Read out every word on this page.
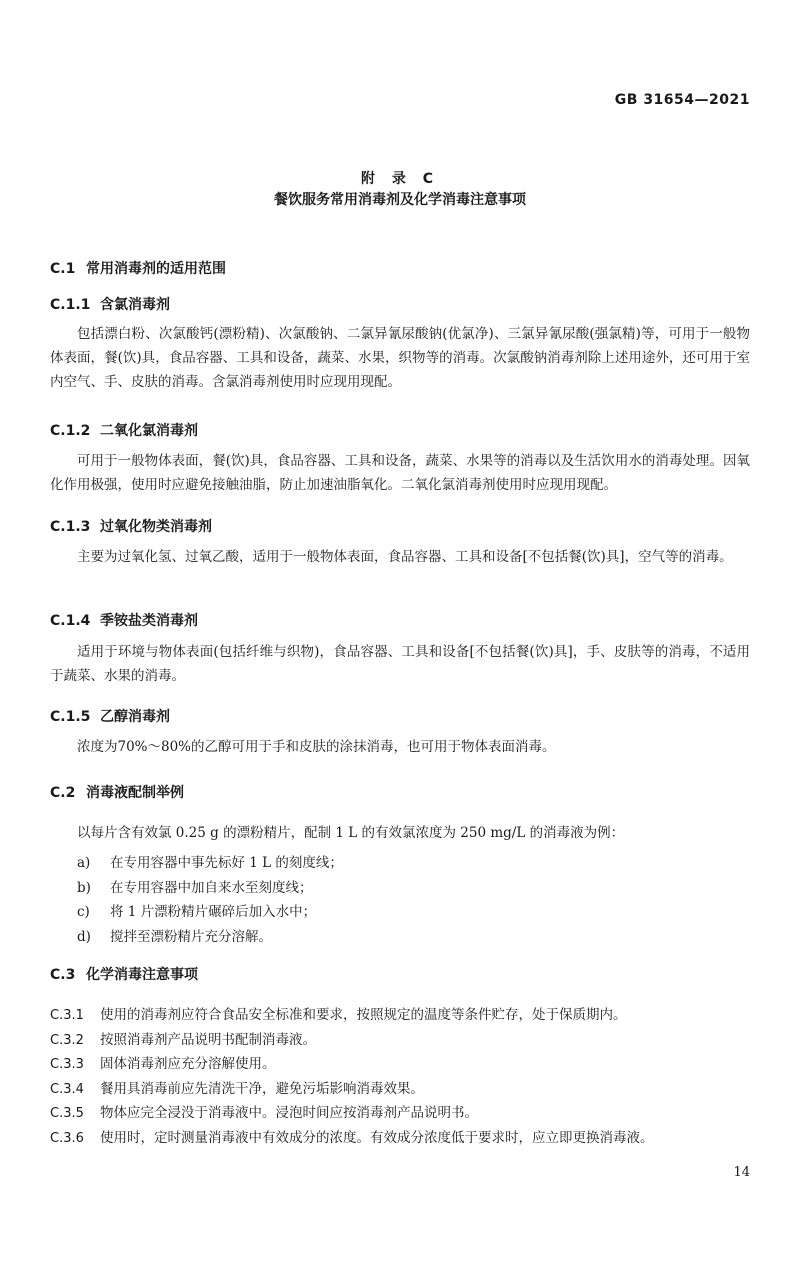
GB 31654—2021
附 录 C
餐饮服务常用消毒剂及化学消毒注意事项
C.1 常用消毒剂的适用范围
C.1.1 含氯消毒剂

包括漂白粉、次氯酸钙(漂粉精)、次氯酸钠、二氯异氰尿酸钠(优氯净)、三氯异氰尿酸(强氯精)等，可用于一般物体表面，餐(饮)具，食品容器、工具和设备，蔬菜、水果，织物等的消毒。次氯酸钠消毒剂除上述用途外，还可用于室内空气、手、皮肤的消毒。含氯消毒剂使用时应现用现配。

C.1.2 二氧化氯消毒剂

可用于一般物体表面，餐(饮)具，食品容器、工具和设备，蔬菜、水果等的消毒以及生活饮用水的消毒处理。因氧化作用极强，使用时应避免接触油脂，防止加速油脂氧化。二氧化氯消毒剂使用时应现用现配。

C.1.3 过氧化物类消毒剂

主要为过氧化氢、过氧乙酸，适用于一般物体表面，食品容器、工具和设备[不包括餐(饮)具]，空气等的消毒。

C.1.4 季铵盐类消毒剂

适用于环境与物体表面(包括纤维与织物)，食品容器、工具和设备[不包括餐(饮)具]，手、皮肤等的消毒，不适用于蔬菜、水果的消毒。

C.1.5 乙醇消毒剂

浓度为70%～80%的乙醇可用于手和皮肤的涂抹消毒，也可用于物体表面消毒。

C.2 消毒液配制举例

以每片含有效氯 0.25 g 的漂粉精片，配制 1 L 的有效氯浓度为 250 mg/L 的消毒液为例：

a) 在专用容器中事先标好 1 L 的刻度线；
b) 在专用容器中加自来水至刻度线；
c) 将 1 片漂粉精片碾碎后加入水中；
d) 搅拌至漂粉精片充分溶解。
C.3 化学消毒注意事项
C.3.1 使用的消毒剂应符合食品安全标准和要求，按照规定的温度等条件贮存，处于保质期内。
C.3.2 按照消毒剂产品说明书配制消毒液。
C.3.3 固体消毒剂应充分溶解使用。
C.3.4 餐用具消毒前应先清洗干净，避免污垢影响消毒效果。
C.3.5 物体应完全浸没于消毒液中。浸泡时间应按消毒剂产品说明书。
C.3.6 使用时，定时测量消毒液中有效成分的浓度。有效成分浓度低于要求时，应立即更换消毒液。
14
